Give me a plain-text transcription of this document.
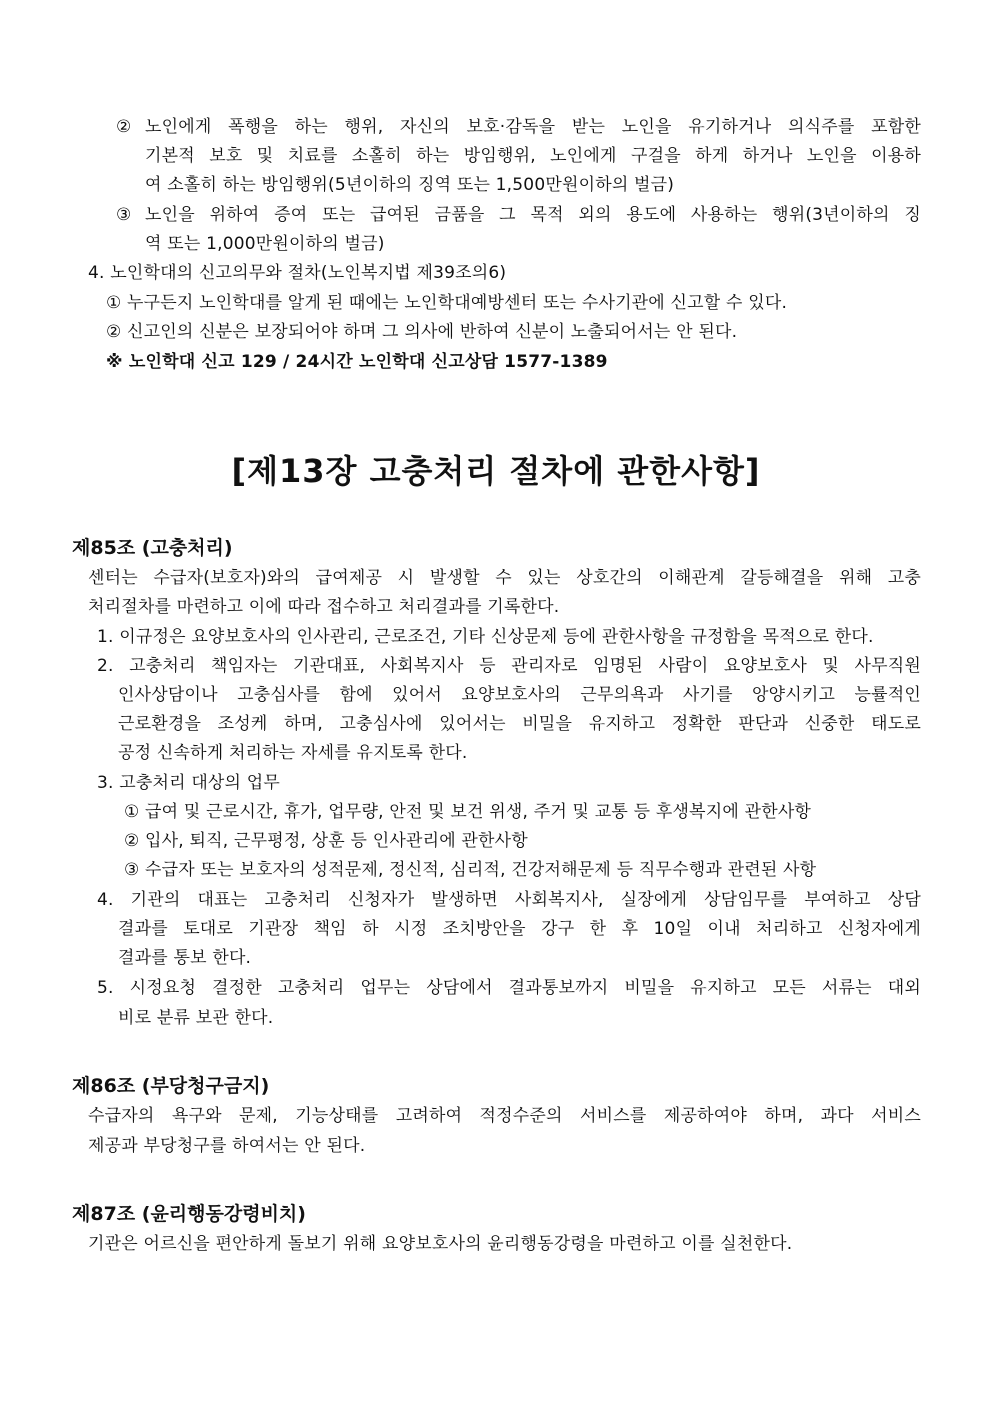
② 노인에게 폭행을 하는 행위, 자신의 보호·감독을 받는 노인을 유기하거나 의식주를 포함한
기본적 보호 및 치료를 소홀히 하는 방임행위, 노인에게 구걸을 하게 하거나 노인을 이용하
여 소홀히 하는 방임행위(5년이하의 징역 또는 1,500만원이하의 벌금)
③ 노인을 위하여 증여 또는 급여된 금품을 그 목적 외의 용도에 사용하는 행위(3년이하의 징
역 또는 1,000만원이하의 벌금)
4. 노인학대의 신고의무와 절차(노인복지법 제39조의6)
① 누구든지 노인학대를 알게 된 때에는 노인학대예방센터 또는 수사기관에 신고할 수 있다.
② 신고인의 신분은 보장되어야 하며 그 의사에 반하여 신분이 노출되어서는 안 된다.
※ 노인학대 신고 129 / 24시간 노인학대 신고상담 1577-1389
[제13장 고충처리 절차에 관한사항]
제85조 (고충처리)
센터는 수급자(보호자)와의 급여제공 시 발생할 수 있는 상호간의 이해관계 갈등해결을 위해 고충
처리절차를 마련하고 이에 따라 접수하고 처리결과를 기록한다.
1. 이규정은 요양보호사의 인사관리, 근로조건, 기타 신상문제 등에 관한사항을 규정함을 목적으로 한다.
2. 고충처리 책임자는 기관대표, 사회복지사 등 관리자로 임명된 사람이 요양보호사 및 사무직원
인사상담이나 고충심사를 함에 있어서 요양보호사의 근무의욕과 사기를 앙양시키고 능률적인
근로환경을 조성케 하며, 고충심사에 있어서는 비밀을 유지하고 정확한 판단과 신중한 태도로
공정 신속하게 처리하는 자세를 유지토록 한다.
3. 고충처리 대상의 업무
① 급여 및 근로시간, 휴가, 업무량, 안전 및 보건 위생, 주거 및 교통 등 후생복지에 관한사항
② 입사, 퇴직, 근무평정, 상훈 등 인사관리에 관한사항
③ 수급자 또는 보호자의 성적문제, 정신적, 심리적, 건강저해문제 등 직무수행과 관련된 사항
4. 기관의 대표는 고충처리 신청자가 발생하면 사회복지사, 실장에게 상담임무를 부여하고 상담
결과를 토대로 기관장 책임 하 시정 조치방안을 강구 한 후 10일 이내 처리하고 신청자에게
결과를 통보 한다.
5. 시정요청 결정한 고충처리 업무는 상담에서 결과통보까지 비밀을 유지하고 모든 서류는 대외
비로 분류 보관 한다.
제86조 (부당청구금지)
수급자의 욕구와 문제, 기능상태를 고려하여 적정수준의 서비스를 제공하여야 하며, 과다 서비스
제공과 부당청구를 하여서는 안 된다.
제87조 (윤리행동강령비치)
기관은 어르신을 편안하게 돌보기 위해 요양보호사의 윤리행동강령을 마련하고 이를 실천한다.
